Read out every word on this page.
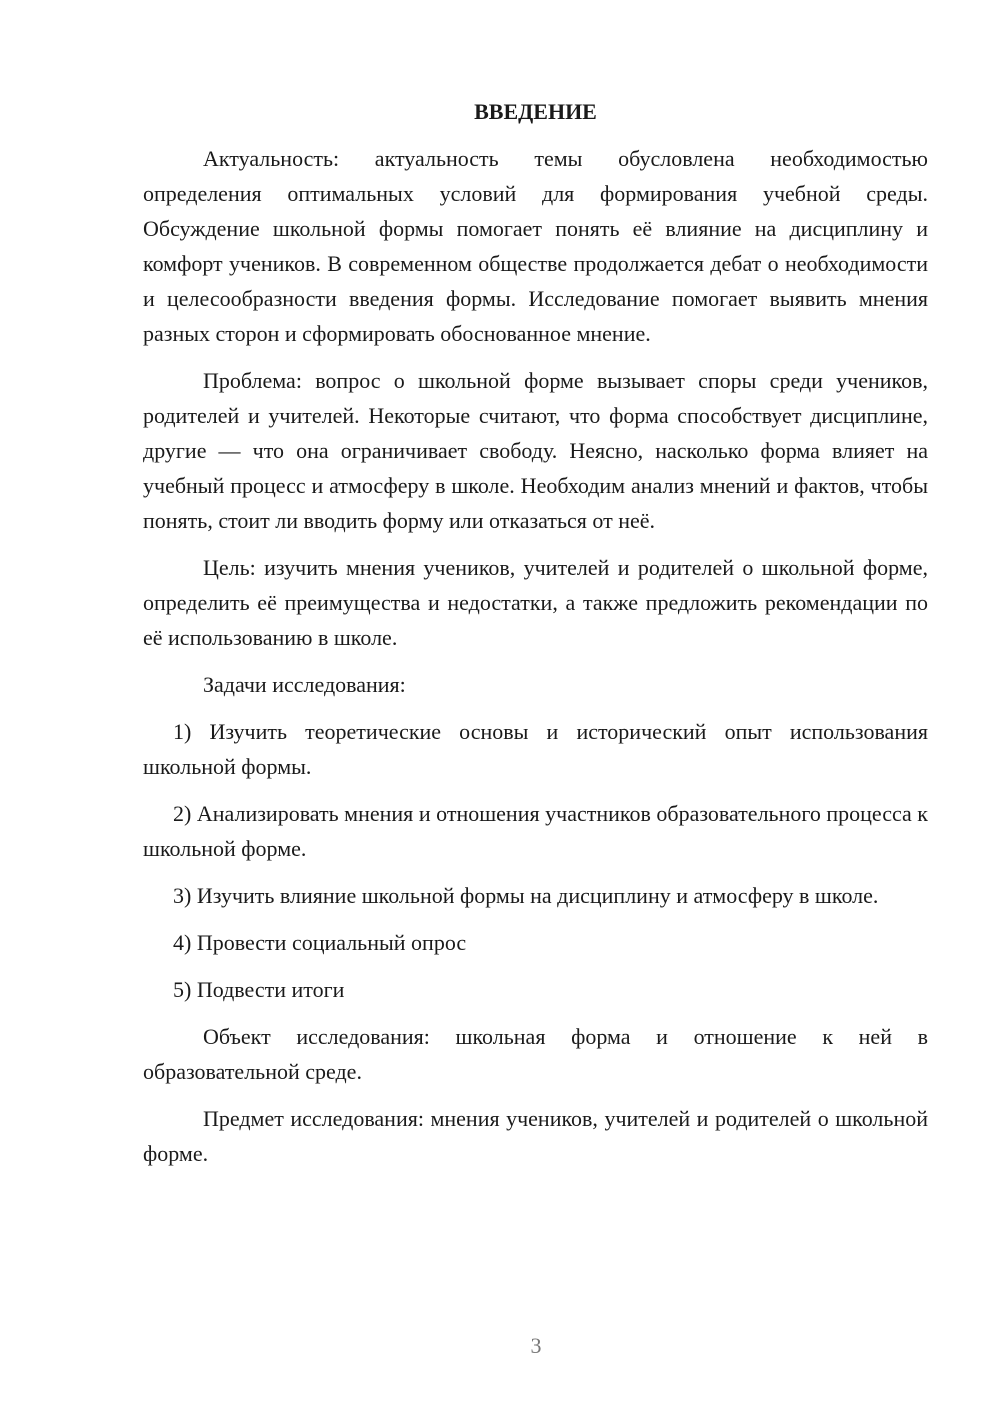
ВВЕДЕНИЕ

Актуальность: актуальность темы обусловлена необходимостью определения оптимальных условий для формирования учебной среды. Обсуждение школьной формы помогает понять её влияние на дисциплину и комфорт учеников. В современном обществе продолжается дебат о необходимости и целесообразности введения формы. Исследование помогает выявить мнения разных сторон и сформировать обоснованное мнение.

Проблема: вопрос о школьной форме вызывает споры среди учеников, родителей и учителей. Некоторые считают, что форма способствует дисциплине, другие — что она ограничивает свободу. Неясно, насколько форма влияет на учебный процесс и атмосферу в школе. Необходим анализ мнений и фактов, чтобы понять, стоит ли вводить форму или отказаться от неё.

Цель: изучить мнения учеников, учителей и родителей о школьной форме, определить её преимущества и недостатки, а также предложить рекомендации по её использованию в школе.

Задачи исследования:

1) Изучить теоретические основы и исторический опыт использования школьной формы.

2) Анализировать мнения и отношения участников образовательного процесса к школьной форме.

3) Изучить влияние школьной формы на дисциплину и атмосферу в школе.

4) Провести социальный опрос

5) Подвести итоги

Объект исследования: школьная форма и отношение к ней в образовательной среде.

Предмет исследования: мнения учеников, учителей и родителей о школьной форме.

3
